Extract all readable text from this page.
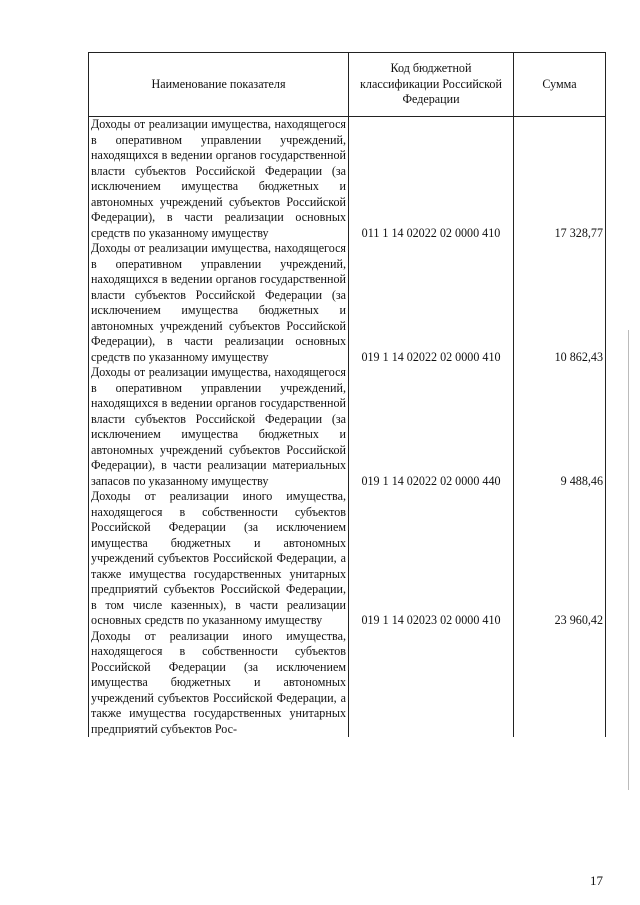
Наименование показателя	Код бюджетной классификации Российской Федерации	Сумма
Доходы от реализации имущества, находящегося в оперативном управлении учреждений, находящихся в ведении органов государственной власти субъектов Российской Федерации (за исключением имущества бюджетных и автономных учреждений субъектов Российской Федерации), в части реализации основных средств по указанному имуществу	011 1 14 02022 02 0000 410	17 328,77
Доходы от реализации имущества, находящегося в оперативном управлении учреждений, находящихся в ведении органов государственной власти субъектов Российской Федерации (за исключением имущества бюджетных и автономных учреждений субъектов Российской Федерации), в части реализации основных средств по указанному имуществу	019 1 14 02022 02 0000 410	10 862,43
Доходы от реализации имущества, находящегося в оперативном управлении учреждений, находящихся в ведении органов государственной власти субъектов Российской Федерации (за исключением имущества бюджетных и автономных учреждений субъектов Российской Федерации), в части реализации материальных запасов по указанному имуществу	019 1 14 02022 02 0000 440	9 488,46
Доходы от реализации иного имущества, находящегося в собственности субъектов Российской Федерации (за исключением имущества бюджетных и автономных учреждений субъектов Российской Федерации, а также имущества государственных унитарных предприятий субъектов Российской Федерации, в том числе казенных), в части реализации основных средств по указанному имуществу	019 1 14 02023 02 0000 410	23 960,42
Доходы от реализации иного имущества, находящегося в собственности субъектов Российской Федерации (за исключением имущества бюджетных и автономных учреждений субъектов Российской Федерации, а также имущества государственных унитарных предприятий субъектов Рос-		
17
